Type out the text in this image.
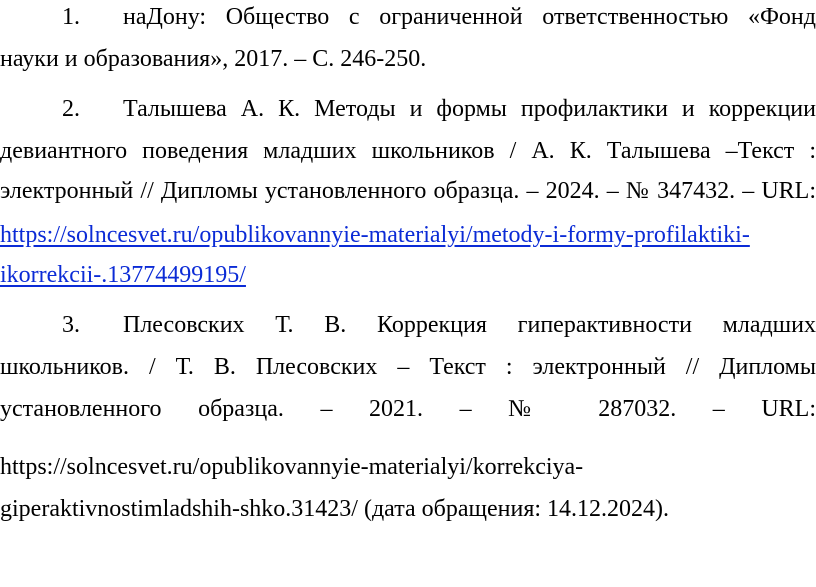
1. наДону: Общество с ограниченной ответственностью «Фонд
науки и образования», 2017. – С. 246-250.
2. Талышева А. К. Методы и формы профилактики и коррекции
девиантного поведения младших школьников / А. К. Талышева –Текст :
электронный // Дипломы установленного образца. – 2024. – № 347432. – URL:
https://solncesvet.ru/opublikovannyie-materialyi/metody-i-formy-profilaktiki-
ikorrekcii-.13774499195/
3. Плесовских Т. В. Коррекция гиперактивности младших
школьников. / Т. В. Плесовских – Текст : электронный // Дипломы
установленного образца. – 2021. – № 287032. – URL:
https://solncesvet.ru/opublikovannyie-materialyi/korrekciya-
giperaktivnostimladshih-shko.31423/ (дата обращения: 14.12.2024).
